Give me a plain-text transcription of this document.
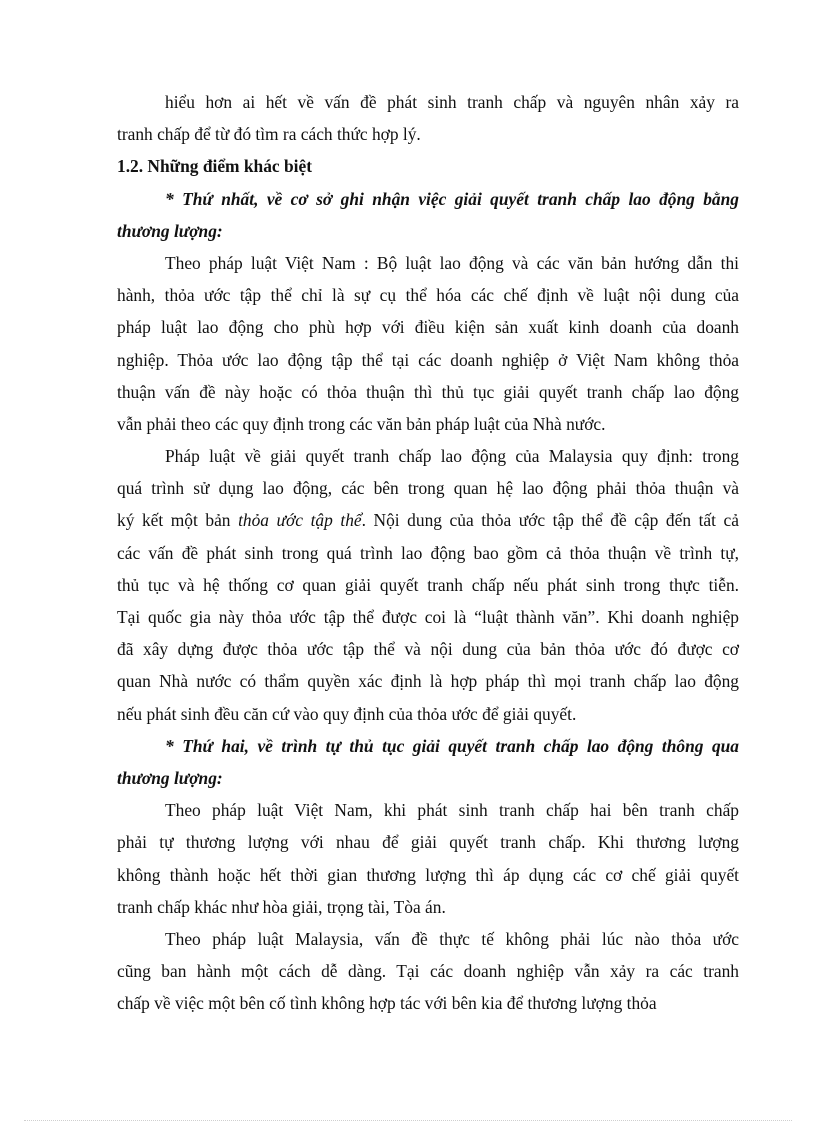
hiểu hơn ai hết về vấn đề phát sinh tranh chấp và nguyên nhân xảy ra
tranh chấp để từ đó tìm ra cách thức hợp lý.
1.2. Những điểm khác biệt
* Thứ nhất, về cơ sở ghi nhận việc giải quyết tranh chấp lao động bằng
thương lượng:
Theo pháp luật Việt Nam : Bộ luật lao động và các văn bản hướng dẫn thi
hành, thỏa ước tập thể chỉ là sự cụ thể hóa các chế định về luật nội dung của
pháp luật lao động cho phù hợp với điều kiện sản xuất kinh doanh của doanh
nghiệp. Thỏa ước lao động tập thể tại các doanh nghiệp ở Việt Nam không thỏa
thuận vấn đề này hoặc có thỏa thuận thì thủ tục giải quyết tranh chấp lao động
vẫn phải theo các quy định trong các văn bản pháp luật của Nhà nước.
Pháp luật về giải quyết tranh chấp lao động của Malaysia quy định: trong
quá trình sử dụng lao động, các bên trong quan hệ lao động phải thỏa thuận và
ký kết một bản thỏa ước tập thể. Nội dung của thỏa ước tập thể đề cập đến tất cả
các vấn đề phát sinh trong quá trình lao động bao gồm cả thỏa thuận về trình tự,
thủ tục và hệ thống cơ quan giải quyết tranh chấp nếu phát sinh trong thực tiễn.
Tại quốc gia này thỏa ước tập thể được coi là “luật thành văn”. Khi doanh nghiệp
đã xây dựng được thỏa ước tập thể và nội dung của bản thỏa ước đó được cơ
quan Nhà nước có thẩm quyền xác định là hợp pháp thì mọi tranh chấp lao động
nếu phát sinh đều căn cứ vào quy định của thỏa ước để giải quyết.
* Thứ hai, về trình tự thủ tục giải quyết tranh chấp lao động thông qua
thương lượng:
Theo pháp luật Việt Nam, khi phát sinh tranh chấp hai bên tranh chấp
phải tự thương lượng với nhau để giải quyết tranh chấp. Khi thương lượng
không thành hoặc hết thời gian thương lượng thì áp dụng các cơ chế giải quyết
tranh chấp khác như hòa giải, trọng tài, Tòa án.
Theo pháp luật Malaysia, vấn đề thực tế không phải lúc nào thỏa ước
cũng ban hành một cách dễ dàng. Tại các doanh nghiệp vẫn xảy ra các tranh
chấp về việc một bên cố tình không hợp tác với bên kia để thương lượng thỏa
